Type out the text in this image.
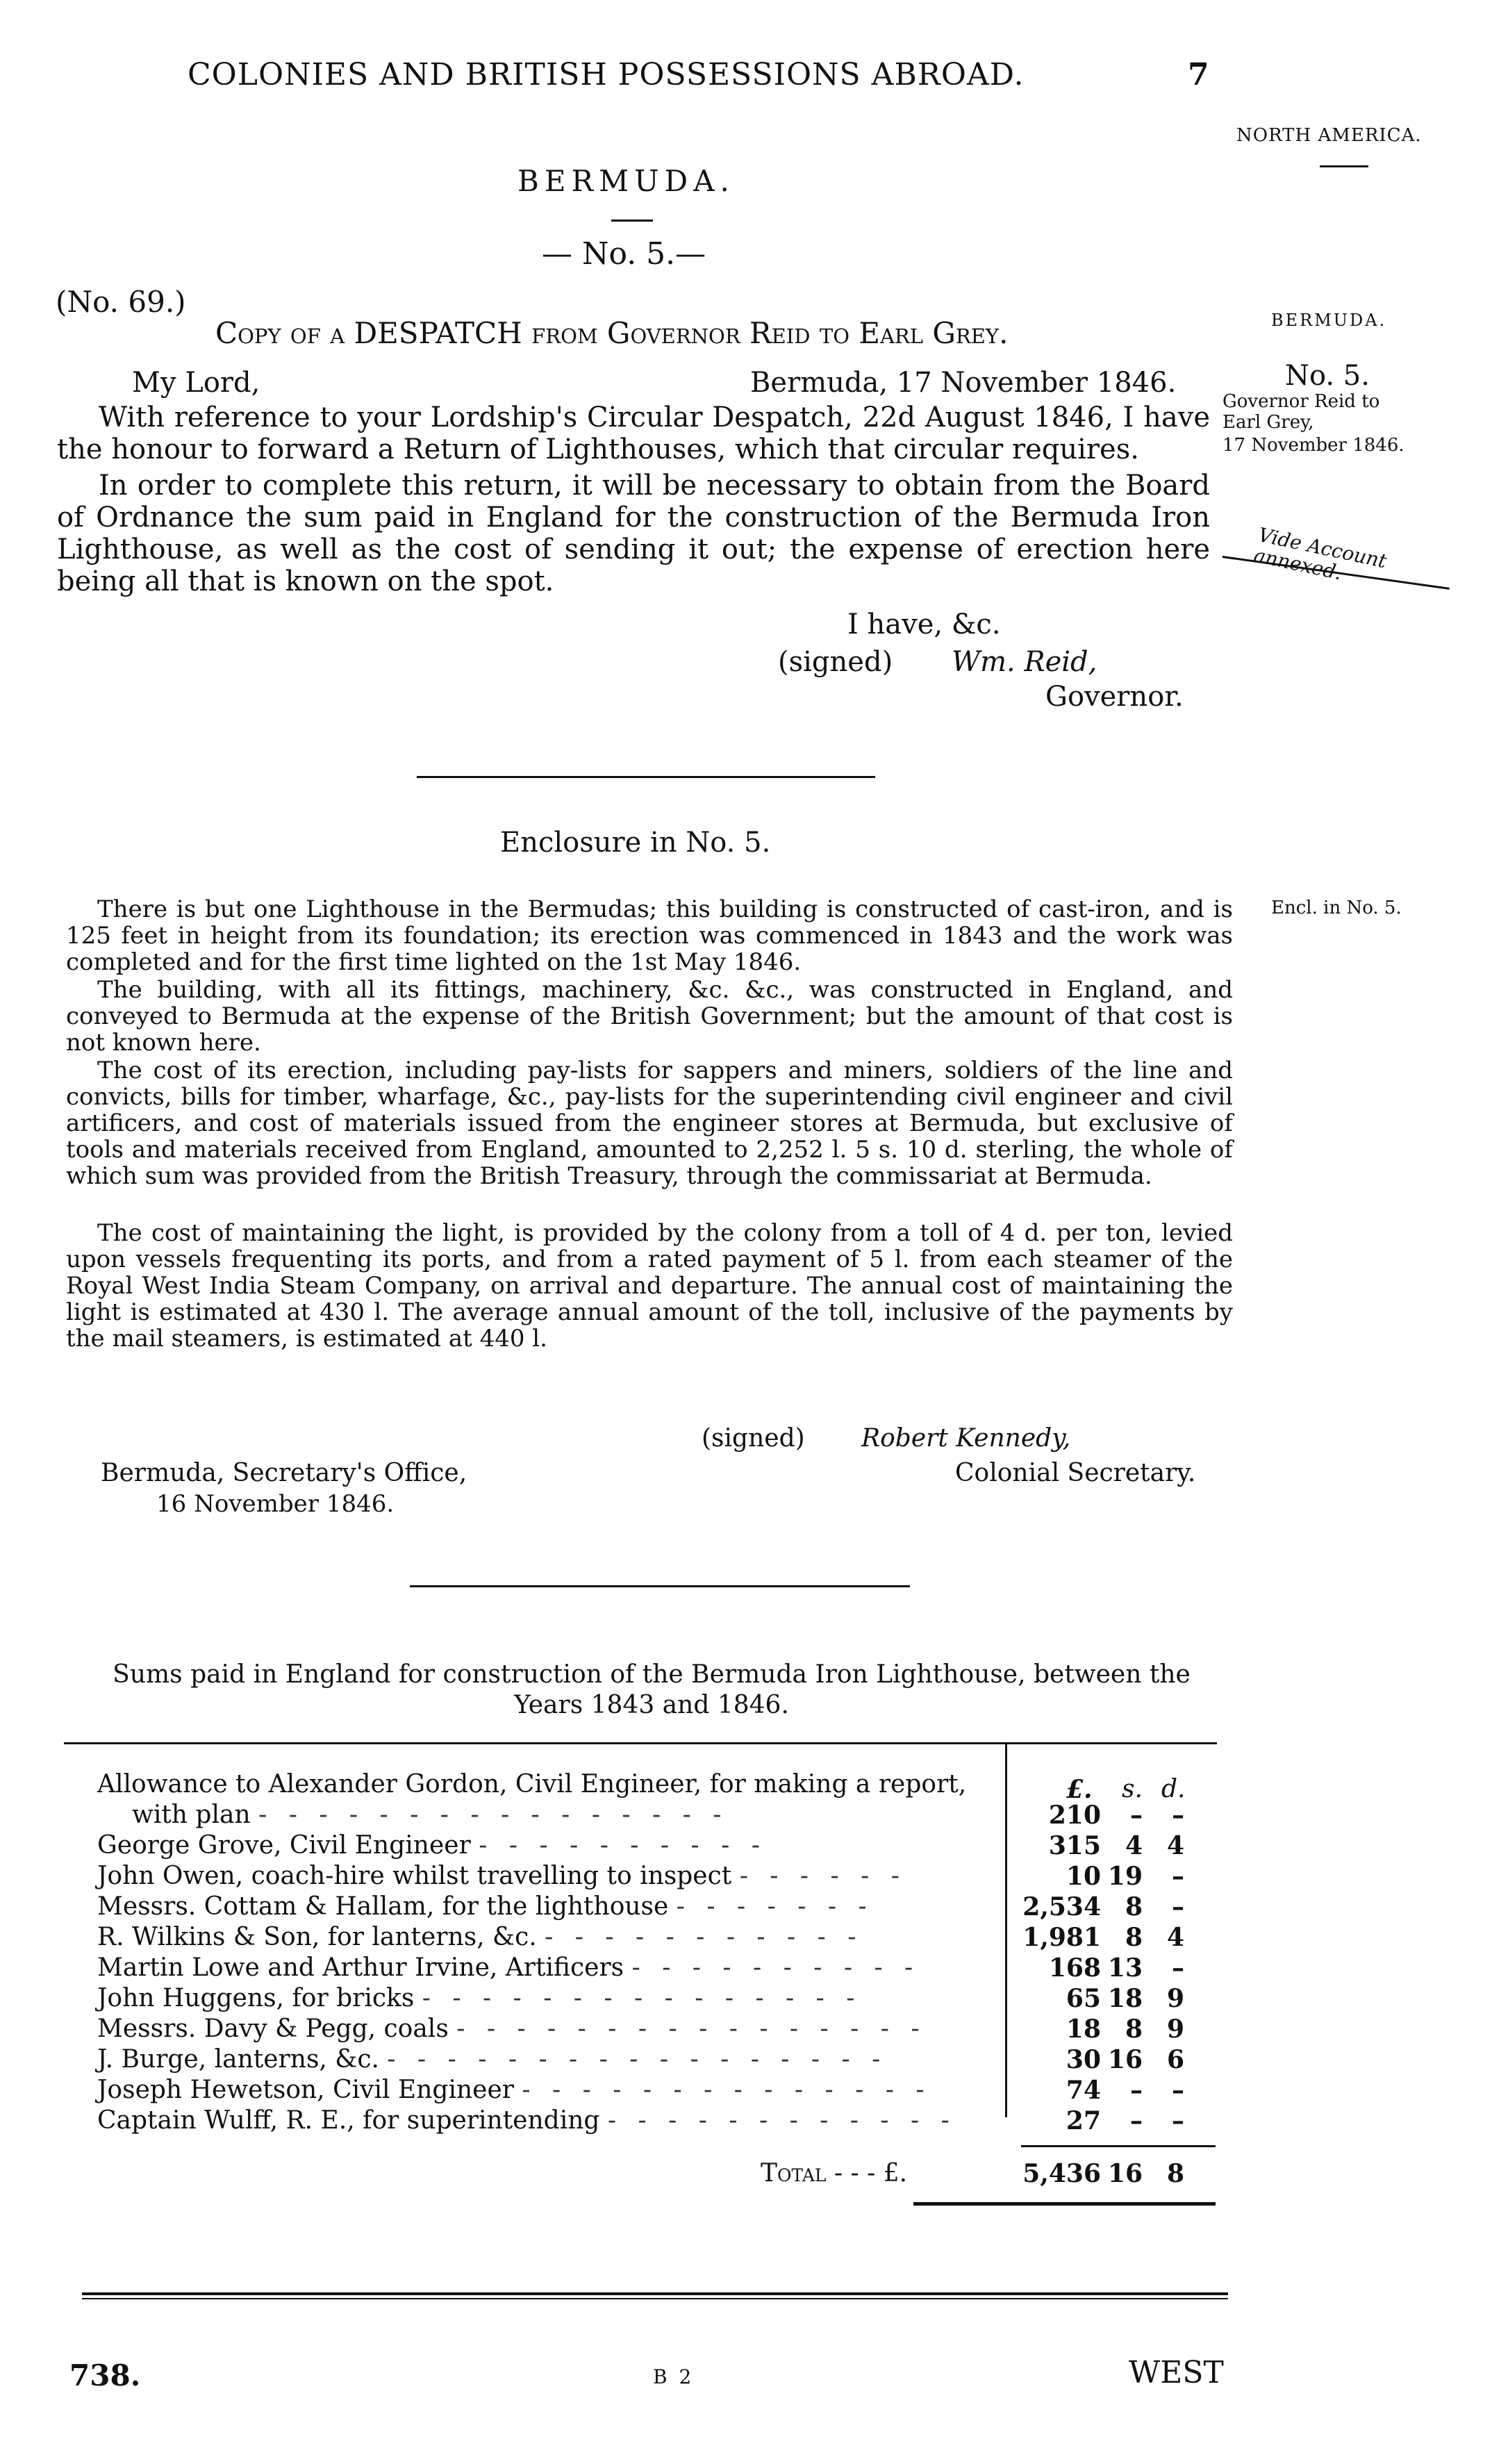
COLONIES AND BRITISH POSSESSIONS ABROAD.	7
NORTH AMERICA.
BERMUDA.
— No. 5.—
(No. 69.)
Copy of a DESPATCH from Governor Reid to Earl Grey.	BERMUDA.
No. 5.
Governor Reid to
Earl Grey,
17 November 1846.
Vide Account annexed.
My Lord,	Bermuda, 17 November 1846.
With reference to your Lordship's Circular Despatch, 22d August 1846, I have the honour to forward a Return of Lighthouses, which that circular requires.
In order to complete this return, it will be necessary to obtain from the Board of Ordnance the sum paid in England for the construction of the Bermuda Iron Lighthouse, as well as the cost of sending it out; the expense of erection here being all that is known on the spot.
I have, &c.
(signed) Wm. Reid,
Governor.
Enclosure in No. 5.
Encl. in No. 5.
There is but one Lighthouse in the Bermudas; this building is constructed of cast-iron, and is 125 feet in height from its foundation; its erection was commenced in 1843 and the work was completed and for the first time lighted on the 1st May 1846.
The building, with all its fittings, machinery, &c. &c., was constructed in England, and conveyed to Bermuda at the expense of the British Government; but the amount of that cost is not known here.
The cost of its erection, including pay-lists for sappers and miners, soldiers of the line and convicts, bills for timber, wharfage, &c., pay-lists for the superintending civil engineer and civil artificers, and cost of materials issued from the engineer stores at Bermuda, but exclusive of tools and materials received from England, amounted to 2,252 l. 5 s. 10 d. sterling, the whole of which sum was provided from the British Treasury, through the commissariat at Bermuda.
The cost of maintaining the light, is provided by the colony from a toll of 4 d. per ton, levied upon vessels frequenting its ports, and from a rated payment of 5 l. from each steamer of the Royal West India Steam Company, on arrival and departure. The annual cost of maintaining the light is estimated at 430 l. The average annual amount of the toll, inclusive of the payments by the mail steamers, is estimated at 440 l.
(signed) Robert Kennedy,
Bermuda, Secretary's Office,	Colonial Secretary.
16 November 1846.
Sums paid in England for construction of the Bermuda Iron Lighthouse, between the
Years 1843 and 1846.
£. s. d.
Allowance to Alexander Gordon, Civil Engineer, for making a report,
with plan - - - - - - - - - - - - - - - -	210	–	–
George Grove, Civil Engineer - - - - - - - - - -	315 4 4
John Owen, coach-hire whilst travelling to inspect - - - - - -	10 19	–
Messrs. Cottam & Hallam, for the lighthouse - - - - - - -	2,534 8	–
R. Wilkins & Son, for lanterns, &c. - - - - - - - - - - -	1,981 8 4
Martin Lowe and Arthur Irvine, Artificers - - - - - - - - - -	168 13	–
John Huggens, for bricks - - - - - - - - - - - - - - -	65 18 9
Messrs. Davy & Pegg, coals - - - - - - - - - - - - - - - -	18 8 9
J. Burge, lanterns, &c. - - - - - - - - - - - - - - - - -	30 16 6
Joseph Hewetson, Civil Engineer - - - - - - - - - - - - - -	74	–	–
Captain Wulff, R. E., for superintending - - - - - - - - - - - -	27	–	–
Total - - - £.	5,436 16 8
738.	B 2	WEST
